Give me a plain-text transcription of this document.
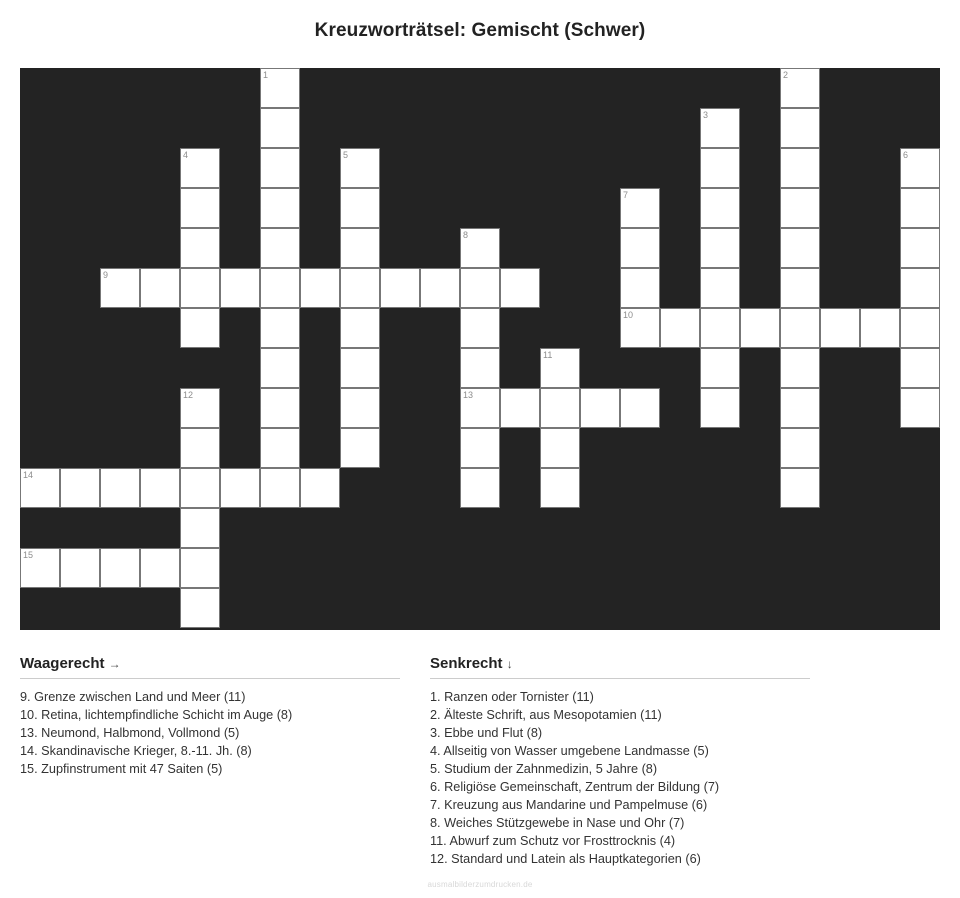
Kreuzworträtsel: Gemischt (Schwer)
1	2
3
4	5	6
7
8
9
10
11
12	13
14
15
Waagerecht →
9. Grenze zwischen Land und Meer (11)
10. Retina, lichtempfindliche Schicht im Auge (8)
13. Neumond, Halbmond, Vollmond (5)
14. Skandinavische Krieger, 8.-11. Jh. (8)
15. Zupfinstrument mit 47 Saiten (5)
Senkrecht ↓
1. Ranzen oder Tornister (11)
2. Älteste Schrift, aus Mesopotamien (11)
3. Ebbe und Flut (8)
4. Allseitig von Wasser umgebene Landmasse (5)
5. Studium der Zahnmedizin, 5 Jahre (8)
6. Religiöse Gemeinschaft, Zentrum der Bildung (7)
7. Kreuzung aus Mandarine und Pampelmuse (6)
8. Weiches Stützgewebe in Nase und Ohr (7)
11. Abwurf zum Schutz vor Frosttrocknis (4)
12. Standard und Latein als Hauptkategorien (6)
ausmalbilderzumdrucken.de
